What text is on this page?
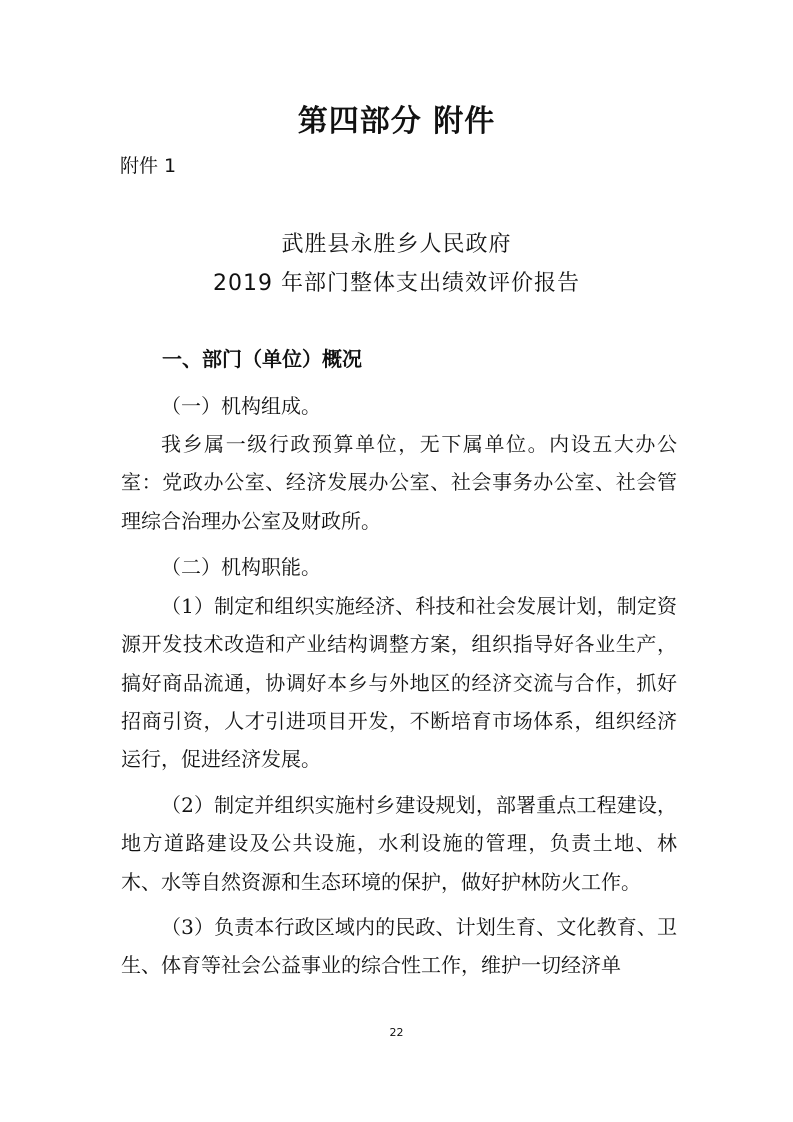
第四部分 附件
附件 1
武胜县永胜乡人民政府
2019 年部门整体支出绩效评价报告
一、部门（单位）概况

（一）机构组成。

我乡属一级行政预算单位，无下属单位。内设五大办公室：党政办公室、经济发展办公室、社会事务办公室、社会管理综合治理办公室及财政所。

（二）机构职能。

（1）制定和组织实施经济、科技和社会发展计划，制定资源开发技术改造和产业结构调整方案，组织指导好各业生产，搞好商品流通，协调好本乡与外地区的经济交流与合作，抓好招商引资，人才引进项目开发，不断培育市场体系，组织经济运行，促进经济发展。

（2）制定并组织实施村乡建设规划，部署重点工程建设，地方道路建设及公共设施，水利设施的管理，负责土地、林木、水等自然资源和生态环境的保护，做好护林防火工作。

（3）负责本行政区域内的民政、计划生育、文化教育、卫生、体育等社会公益事业的综合性工作，维护一切经济单

22
